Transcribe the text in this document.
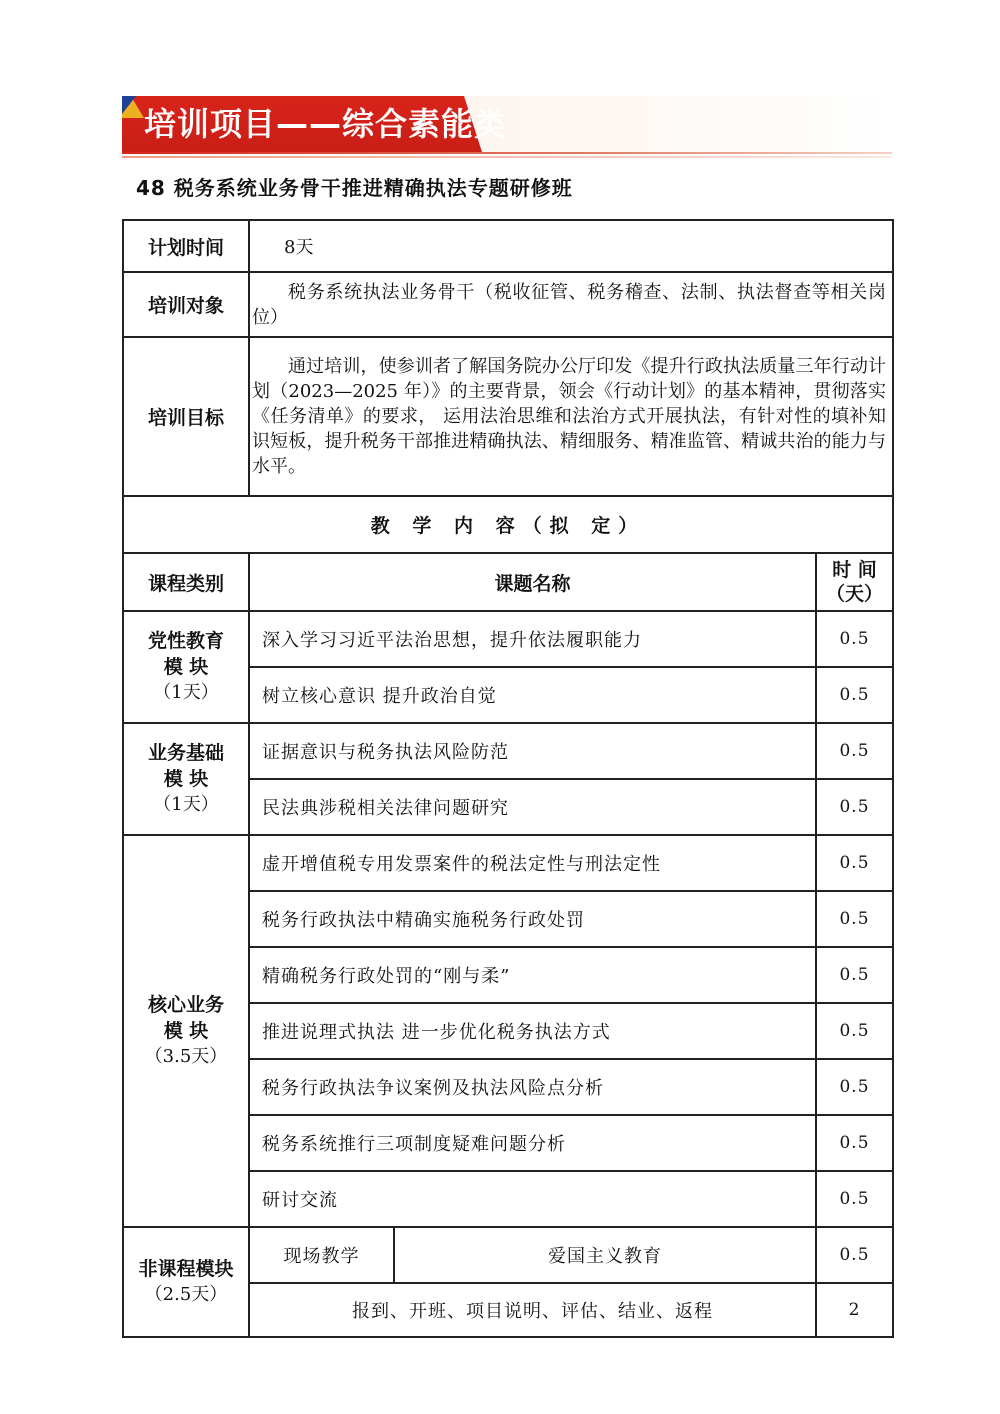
培训项目——综合素能类
48 税务系统业务骨干推进精确执法专题研修班
计划时间	8天		
培训对象	税务系统执法业务骨干（税收征管、税务稽查、法制、执法督查等相关岗位）		
培训目标	通过培训，使参训者了解国务院办公厅印发《提升行政执法质量三年行动计划（2023—2025 年）》的主要背景，领会《行动计划》的基本精神，贯彻落实《任务清单》的要求， 运用法治思维和法治方式开展执法，有针对性的填补知识短板，提升税务干部推进精确执法、精细服务、精准监管、精诚共治的能力与水平。		
教 学 内 容（拟 定）			
课程类别	课题名称		时 间
（天）

党性教育
模 块
（1天）	深入学习习近平法治思想，提升依法履职能力		0.5
	树立核心意识 提升政治自觉		0.5

业务基础
模 块
（1天）	证据意识与税务执法风险防范		0.5
	民法典涉税相关法律问题研究		0.5

核心业务
模 块
（3.5天）	虚开增值税专用发票案件的税法定性与刑法定性		0.5
	税务行政执法中精确实施税务行政处罚		0.5
	精确税务行政处罚的“刚与柔”		0.5
	推进说理式执法 进一步优化税务执法方式		0.5
	税务行政执法争议案例及执法风险点分析		0.5
	税务系统推行三项制度疑难问题分析		0.5
	研讨交流		0.5

非课程模块
（2.5天）	现场教学	爱国主义教育	0.5
	报到、开班、项目说明、评估、结业、返程		2
